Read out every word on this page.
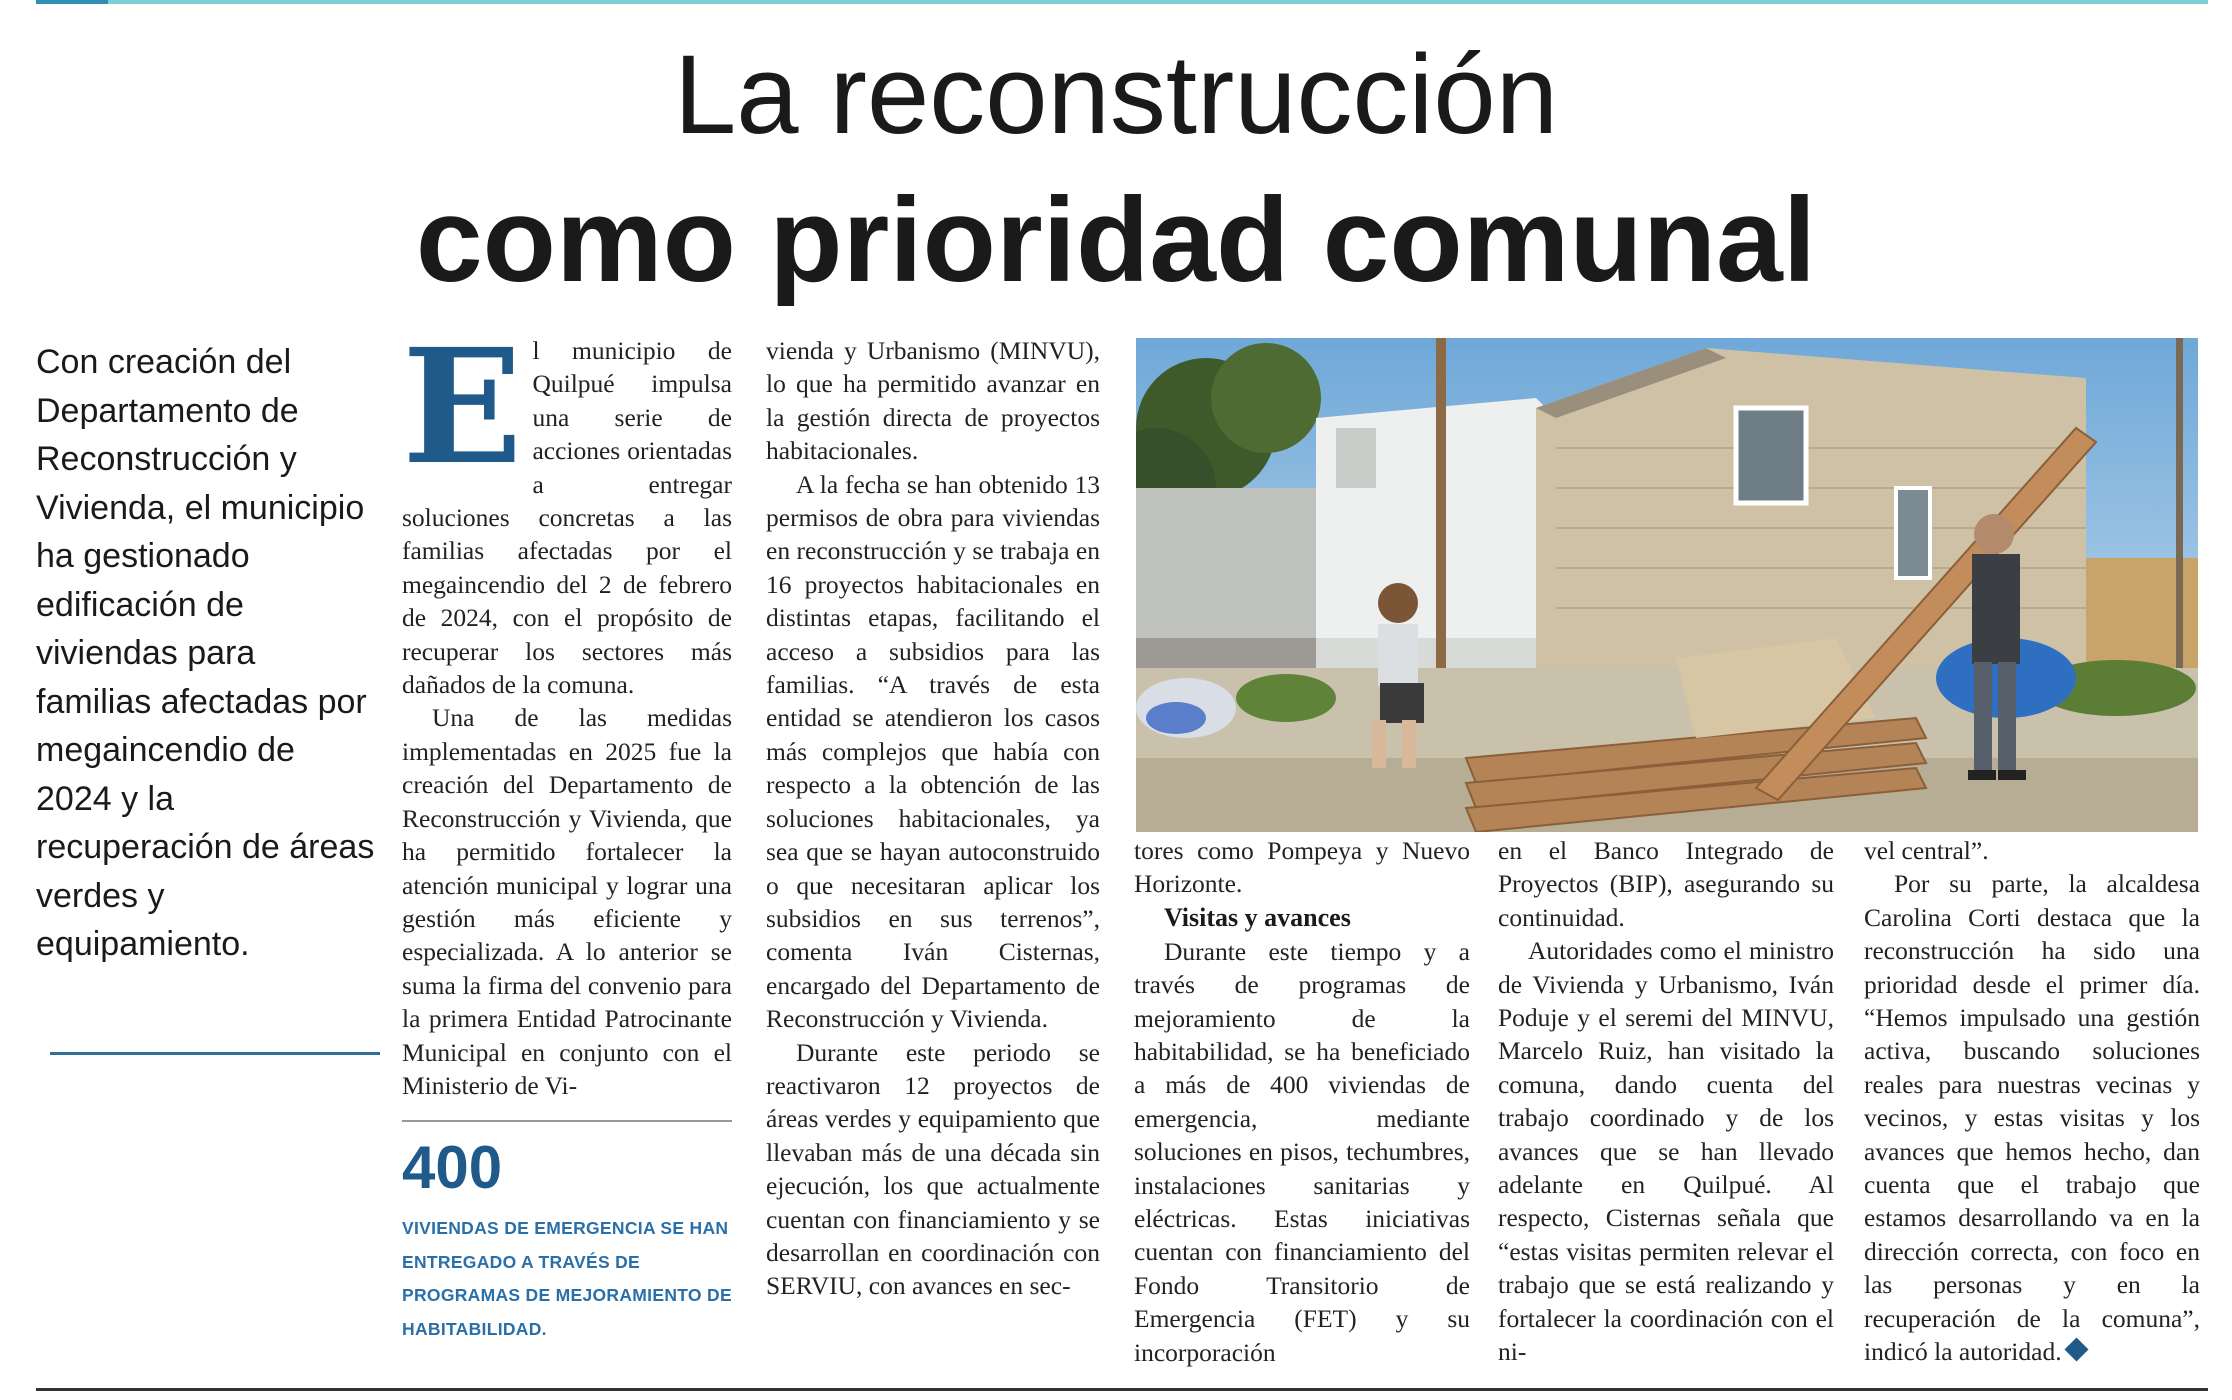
La reconstrucción
como prioridad comunal
Con creación del Departamento de Reconstrucción y Vivienda, el municipio ha gestionado edificación de viviendas para familias afectadas por megaincendio de 2024 y la recuperación de áreas verdes y equipamiento.

El municipio de Quilpué impulsa una serie de acciones orientadas a entregar soluciones concretas a las familias afectadas por el megaincendio del 2 de febrero de 2024, con el propósito de recuperar los sectores más dañados de la comuna.

Una de las medidas implementadas en 2025 fue la creación del Departamento de Reconstrucción y Vivienda, que ha permitido fortalecer la atención municipal y lograr una gestión más eficiente y especializada. A lo anterior se suma la firma del convenio para la primera Entidad Patrocinante Municipal en conjunto con el Ministerio de Vi-

400
VIVIENDAS DE EMERGENCIA SE HAN ENTREGADO A TRAVÉS DE PROGRAMAS DE MEJORAMIENTO DE HABITABILIDAD.

vienda y Urbanismo (MINVU), lo que ha permitido avanzar en la gestión directa de proyectos habitacionales.

A la fecha se han obtenido 13 permisos de obra para viviendas en reconstrucción y se trabaja en 16 proyectos habitacionales en distintas etapas, facilitando el acceso a subsidios para las familias. “A través de esta entidad se atendieron los casos más complejos que había con respecto a la obtención de las soluciones habitacionales, ya sea que se hayan autoconstruido o que necesitaran aplicar los subsidios en sus terrenos”, comenta Iván Cisternas, encargado del Departamento de Reconstrucción y Vivienda.

Durante este periodo se reactivaron 12 proyectos de áreas verdes y equipamiento que llevaban más de una década sin ejecución, los que actualmente cuentan con financiamiento y se desarrollan en coordinación con SERVIU, con avances en sec-

tores como Pompeya y Nuevo Horizonte.

Visitas y avances

Durante este tiempo y a través de programas de mejoramiento de la habitabilidad, se ha beneficiado a más de 400 viviendas de emergencia, mediante soluciones en pisos, techumbres, instalaciones sanitarias y eléctricas. Estas iniciativas cuentan con financiamiento del Fondo Transitorio de Emergencia (FET) y su incorporación

en el Banco Integrado de Proyectos (BIP), asegurando su continuidad.

Autoridades como el ministro de Vivienda y Urbanismo, Iván Poduje y el seremi del MINVU, Marcelo Ruiz, han visitado la comuna, dando cuenta del trabajo coordinado y de los avances que se han llevado adelante en Quilpué. Al respecto, Cisternas señala que “estas visitas permiten relevar el trabajo que se está realizando y fortalecer la coordinación con el ni-

vel central”.

Por su parte, la alcaldesa Carolina Corti destaca que la reconstrucción ha sido una prioridad desde el primer día. “Hemos impulsado una gestión activa, buscando soluciones reales para nuestras vecinas y vecinos, y estas visitas y los avances que hemos hecho, dan cuenta que el trabajo que estamos desarrollando va en la dirección correcta, con foco en las personas y en la recuperación de la comuna”, indicó la autoridad.
